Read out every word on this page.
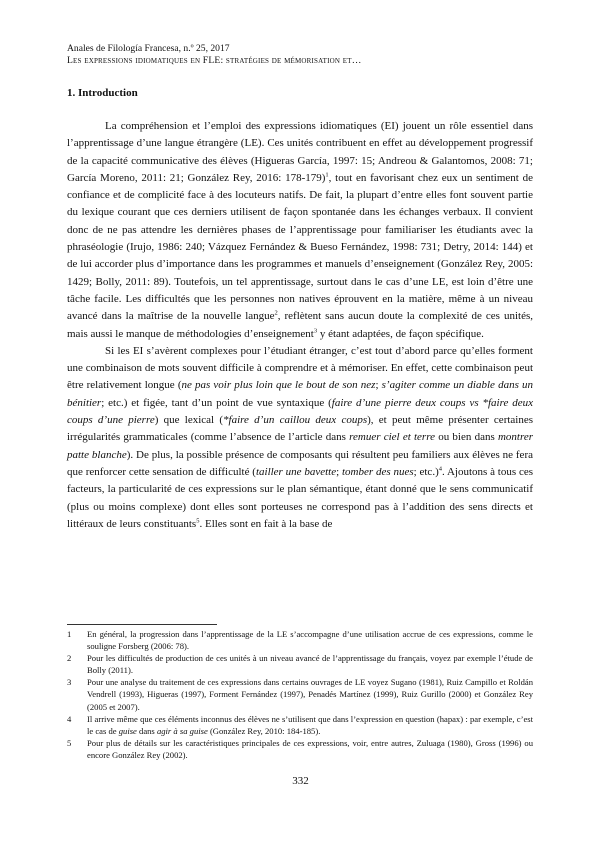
Anales de Filología Francesa, n.º 25, 2017
Les expressions idiomatiques en FLE: stratégies de mémorisation et…
1. Introduction

La compréhension et l’emploi des expressions idiomatiques (EI) jouent un rôle essentiel dans l’apprentissage d’une langue étrangère (LE). Ces unités contribuent en effet au développement progressif de la capacité communicative des élèves (Higueras García, 1997: 15; Andreou & Galantomos, 2008: 71; García Moreno, 2011: 21; González Rey, 2016: 178-179)$^1$, tout en favorisant chez eux un sentiment de confiance et de complicité face à des locuteurs natifs. De fait, la plupart d’entre elles font souvent partie du lexique courant que ces derniers utilisent de façon spontanée dans les échanges verbaux. Il convient donc de ne pas attendre les dernières phases de l’apprentissage pour familiariser les étudiants avec la phraséologie (Irujo, 1986: 240; Vázquez Fernández & Bueso Fernández, 1998: 731; Detry, 2014: 144) et de lui accorder plus d’importance dans les programmes et manuels d’enseignement (González Rey, 2005: 1429; Bolly, 2011: 89). Toutefois, un tel apprentissage, surtout dans le cas d’une LE, est loin d’être une tâche facile. Les difficultés que les personnes non natives éprouvent en la matière, même à un niveau avancé dans la maîtrise de la nouvelle langue$^2$, reflètent sans aucun doute la complexité de ces unités, mais aussi le manque de méthodologies d’enseignement$^3$ y étant adaptées, de façon spécifique.

Si les EI s’avèrent complexes pour l’étudiant étranger, c’est tout d’abord parce qu’elles forment une combinaison de mots souvent difficile à comprendre et à mémoriser. En effet, cette combinaison peut être relativement longue (ne pas voir plus loin que le bout de son nez; s’agiter comme un diable dans un bénitier; etc.) et figée, tant d’un point de vue syntaxique (faire d’une pierre deux coups vs *faire deux coups d’une pierre) que lexical (*faire d’un caillou deux coups), et peut même présenter certaines irrégularités grammaticales (comme l’absence de l’article dans remuer ciel et terre ou bien dans montrer patte blanche). De plus, la possible présence de composants qui résultent peu familiers aux élèves ne fera que renforcer cette sensation de difficulté (tailler une bavette; tomber des nues; etc.)$^4$. Ajoutons à tous ces facteurs, la particularité de ces expressions sur le plan sémantique, étant donné que le sens communicatif (plus ou moins complexe) dont elles sont porteuses ne correspond pas à l’addition des sens directs et littéraux de leurs constituants$^5$. Elles sont en fait à la base de

1	En général, la progression dans l’apprentissage de la LE s’accompagne d’une utilisation accrue de ces expressions, comme le souligne Forsberg (2006: 78).
2	Pour les difficultés de production de ces unités à un niveau avancé de l’apprentissage du français, voyez par exemple l’étude de Bolly (2011).
3	Pour une analyse du traitement de ces expressions dans certains ouvrages de LE voyez Sugano (1981), Ruiz Campillo et Roldán Vendrell (1993), Higueras (1997), Forment Fernández (1997), Penadés Martínez (1999), Ruiz Gurillo (2000) et González Rey (2005 et 2007).
4	Il arrive même que ces éléments inconnus des élèves ne s’utilisent que dans l’expression en question (hapax) : par exemple, c’est le cas de guise dans agir à sa guise (González Rey, 2010: 184-185).
5	Pour plus de détails sur les caractéristiques principales de ces expressions, voir, entre autres, Zuluaga (1980), Gross (1996) ou encore González Rey (2002).
332
